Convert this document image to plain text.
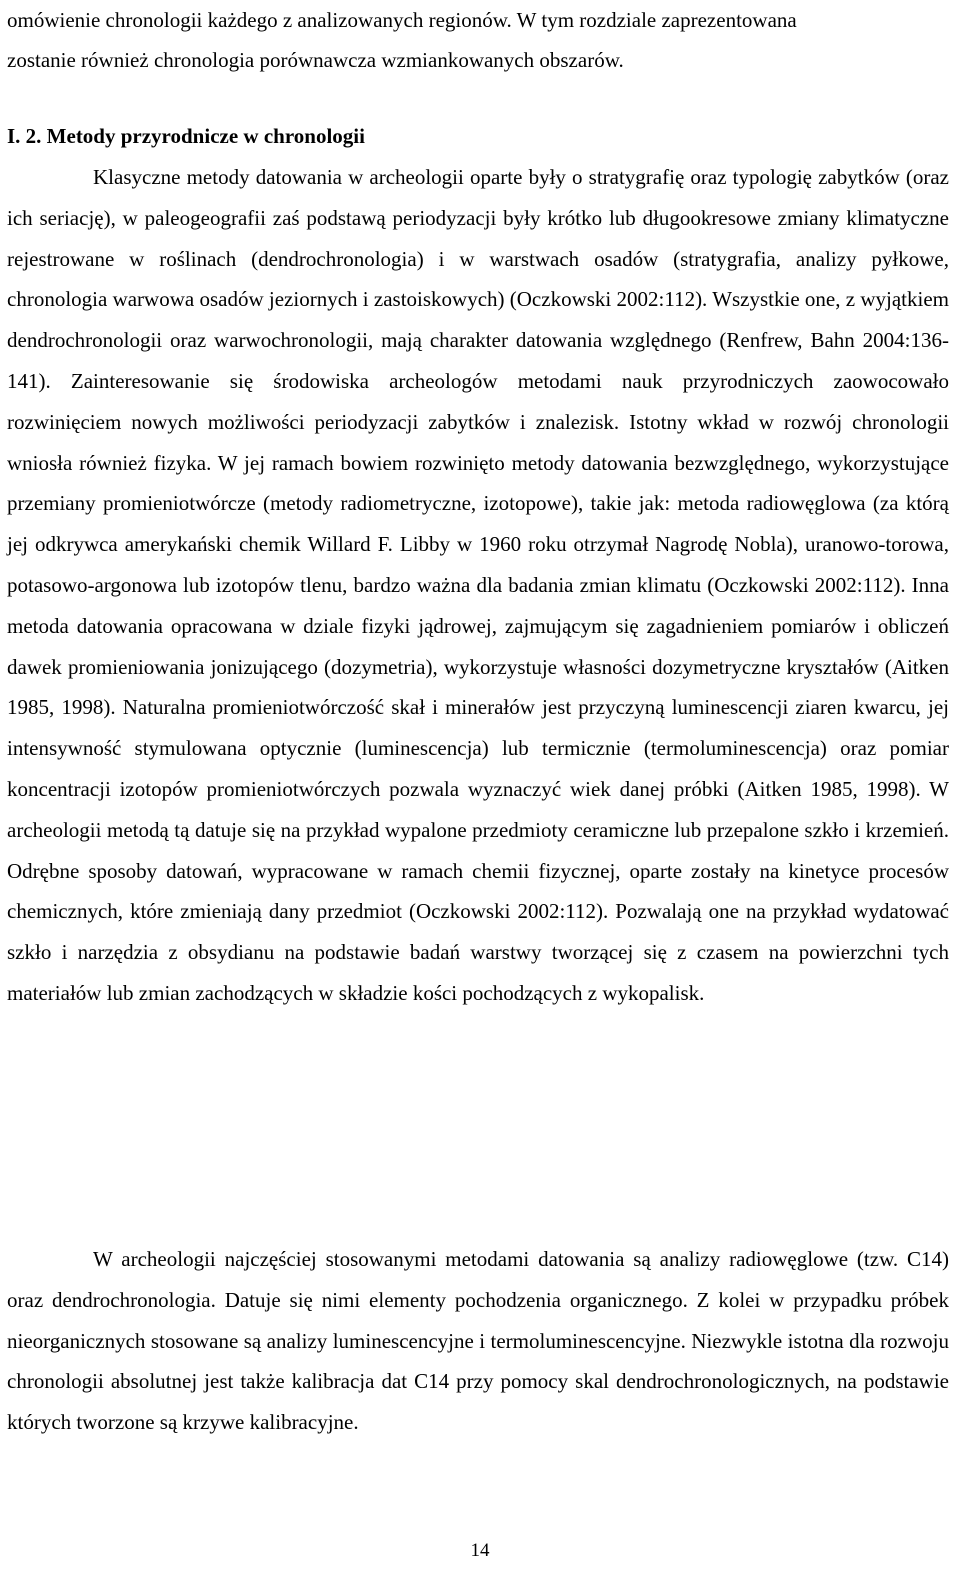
omówienie chronologii każdego z analizowanych regionów. W tym rozdziale zaprezentowana
zostanie również chronologia porównawcza wzmiankowanych obszarów.
I. 2. Metody przyrodnicze w chronologii

Klasyczne metody datowania w archeologii oparte były o stratygrafię oraz typologię zabytków (oraz ich seriację), w paleogeografii zaś podstawą periodyzacji były krótko lub długookresowe zmiany klimatyczne rejestrowane w roślinach (dendrochronologia) i w warstwach osadów (stratygrafia, analizy pyłkowe, chronologia warwowa osadów jeziornych i zastoiskowych) (Oczkowski 2002:112). Wszystkie one, z wyjątkiem dendrochronologii oraz warwochronologii, mają charakter datowania względnego (Renfrew, Bahn 2004:136-141). Zainteresowanie się środowiska archeologów metodami nauk przyrodniczych zaowocowało rozwinięciem nowych możliwości periodyzacji zabytków i znalezisk. Istotny wkład w rozwój chronologii wniosła również fizyka. W jej ramach bowiem rozwinięto metody datowania bezwzględnego, wykorzystujące przemiany promieniotwórcze (metody radiometryczne, izotopowe), takie jak: metoda radiowęglowa (za którą jej odkrywca amerykański chemik Willard F. Libby w 1960 roku otrzymał Nagrodę Nobla), uranowo-torowa, potasowo-argonowa lub izotopów tlenu, bardzo ważna dla badania zmian klimatu (Oczkowski 2002:112). Inna metoda datowania opracowana w dziale fizyki jądrowej, zajmującym się zagadnieniem pomiarów i obliczeń dawek promieniowania jonizującego (dozymetria), wykorzystuje własności dozymetryczne kryształów (Aitken 1985, 1998). Naturalna promieniotwórczość skał i minerałów jest przyczyną luminescencji ziaren kwarcu, jej intensywność stymulowana optycznie (luminescencja) lub termicznie (termoluminescencja) oraz pomiar koncentracji izotopów promieniotwórczych pozwala wyznaczyć wiek danej próbki (Aitken 1985, 1998). W archeologii metodą tą datuje się na przykład wypalone przedmioty ceramiczne lub przepalone szkło i krzemień. Odrębne sposoby datowań, wypracowane w ramach chemii fizycznej, oparte zostały na kinetyce procesów chemicznych, które zmieniają dany przedmiot (Oczkowski 2002:112). Pozwalają one na przykład wydatować szkło i narzędzia z obsydianu na podstawie badań warstwy tworzącej się z czasem na powierzchni tych materiałów lub zmian zachodzących w składzie kości pochodzących z wykopalisk.

W archeologii najczęściej stosowanymi metodami datowania są analizy radiowęglowe (tzw. C14) oraz dendrochronologia. Datuje się nimi elementy pochodzenia organicznego. Z kolei w przypadku próbek nieorganicznych stosowane są analizy luminescencyjne i termoluminescencyjne. Niezwykle istotna dla rozwoju chronologii absolutnej jest także kalibracja dat C14 przy pomocy skal dendrochronologicznych, na podstawie których tworzone są krzywe kalibracyjne.

14
